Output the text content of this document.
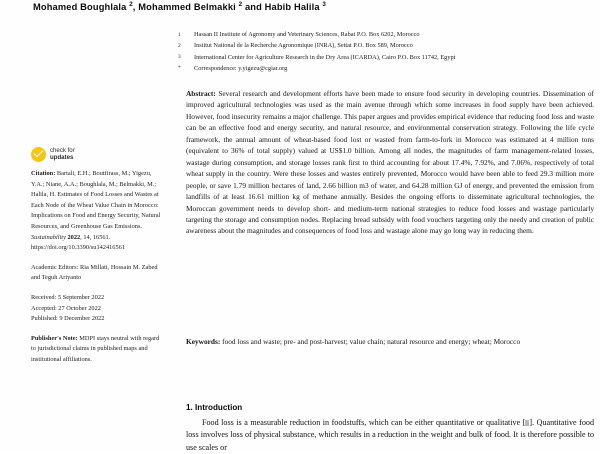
Mohamed Boughlala $^2$, Mohammed Belmakki $^2$ and Habib Halila $^3$
1	Hassan II Institute of Agronomy and Veterinary Sciences, Rabat P.O. Box 6202, Morocco
2	Institut National de la Recherche Agronomique (INRA), Settat P.O. Box 589, Morocco
3	International Center for Agriculture Research in the Dry Area (ICARDA), Cairo P.O. Box 11742, Egypt
*	Correspondence: y.yigezu@cgiar.org
Abstract: Several research and development efforts have been made to ensure food security in developing countries. Dissemination of improved agricultural technologies was used as the main avenue through which some increases in food supply have been achieved. However, food insecurity remains a major challenge. This paper argues and provides empirical evidence that reducing food loss and waste can be an effective food and energy security, and natural resource, and environmental conservation strategy. Following the life cycle framework, the annual amount of wheat-based food lost or wasted from farm-to-fork in Morocco was estimated at 4 million tons (equivalent to 36% of total supply) valued at US$1.0 billion. Among all nodes, the magnitudes of farm management-related losses, wastage during consumption, and storage losses rank first to third accounting for about 17.4%, 7.92%, and 7.06%, respectively of total wheat supply in the country. Were these losses and wastes entirely prevented, Morocco would have been able to feed 29.3 million more people, or save 1.79 million hectares of land, 2.66 billion m3 of water, and 64.28 million GJ of energy, and prevented the emission from landfills of at least 16.61 million kg of methane annually. Besides the ongoing efforts to disseminate agricultural technologies, the Moroccan government needs to develop short- and medium-term national strategies to reduce food losses and wastage particularly targeting the storage and consumption nodes. Replacing bread subsidy with food vouchers targeting only the needy and creation of public awareness about the magnitudes and consequences of food loss and wastage alone may go long way in reducing them.
Keywords: food loss and waste; pre- and post-harvest; value chain; natural resource and energy; wheat; Morocco
1. Introduction
Food loss is a measurable reduction in foodstuffs, which can be either quantitative or qualitative [ ]. Quantitative food loss involves loss of physical substance, which results in a reduction in the weight and bulk of food. It is therefore possible to use scales or
check for
updates
Citation: Bartali, E.H.; Boutfirass, M.; Yigezu, Y.A.; Niane, A.A.; Boughlala, M.; Belmakki, M.; Halila, H. Estimates of Food Losses and Wastes at Each Node of the Wheat Value Chain in Morocco: Implications on Food and Energy Security, Natural Resources, and Greenhouse Gas Emissions. Sustainability 2022, 14, 16561. https://doi.org/10.3390/su142416561
Academic Editors: Ria Millati, Hossain M. Zabed and Teguh Ariyanto
Received: 5 September 2022
Accepted: 27 October 2022
Published: 9 December 2022
Publisher's Note: MDPI stays neutral with regard to jurisdictional claims in published maps and institutional affiliations.
